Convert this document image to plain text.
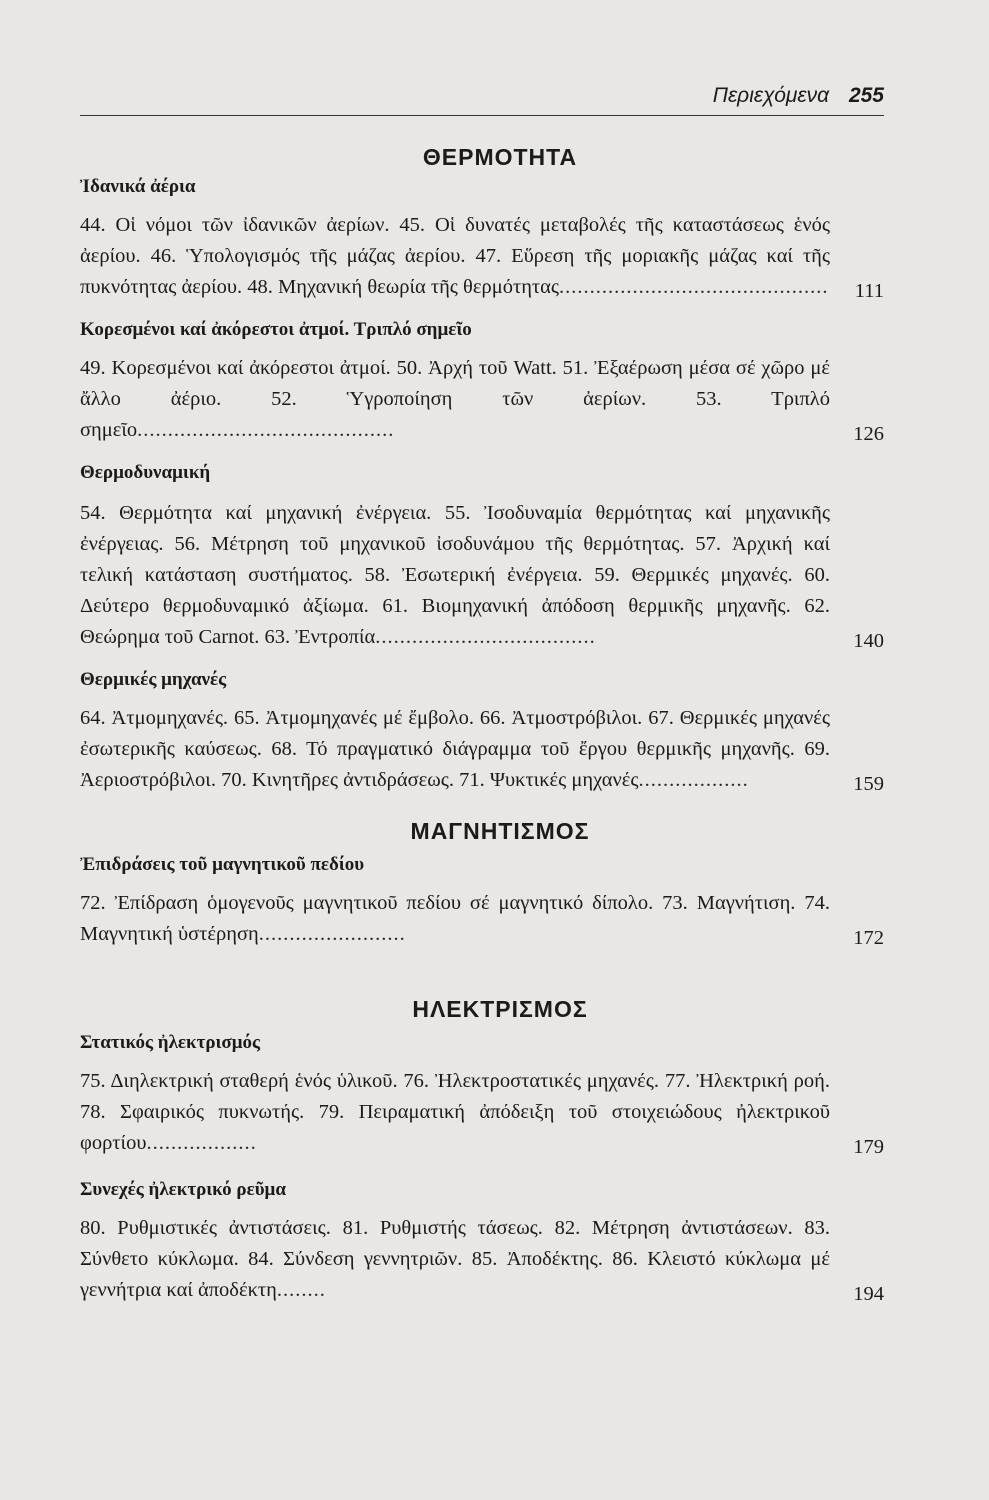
Περιεχόμενα 255
ΘΕΡΜΟΤΗΤΑ
Ἰδανικά ἀέρια

44. Οἱ νόμοι τῶν ἰδανικῶν ἀερίων. 45. Οἱ δυνατές μεταβολές τῆς καταστάσεως ἑνός ἀερίου. 46. Ὑπολογισμός τῆς μάζας ἀερίου. 47. Εὕρεση τῆς μοριακῆς μάζας καί τῆς πυκνότητας ἀερίου. 48. Μηχανική θεωρία τῆς θερμότητας............................................ 111

Κορεσμένοι καί ἀκόρεστοι ἀτμοί. Τριπλό σημεῖο

49. Κορεσμένοι καί ἀκόρεστοι ἀτμοί. 50. Ἀρχή τοῦ Watt. 51. Ἐξαέρωση μέσα σέ χῶρο μέ ἄλλο ἀέριο. 52. Ὑγροποίηση τῶν ἀερίων. 53. Τριπλό σημεῖο..........................................	126

Θερμοδυναμική

54. Θερμότητα καί μηχανική ἐνέργεια. 55. Ἰσοδυναμία θερμότητας καί μηχανικῆς ἐνέργειας. 56. Μέτρηση τοῦ μηχανικοῦ ἰσοδυνάμου τῆς θερμότητας. 57. Ἀρχική καί τελική κατάσταση συστήματος. 58. Ἐσωτερική ἐνέργεια. 59. Θερμικές μηχανές. 60. Δεύτερο θερμοδυναμικό ἀξίωμα. 61. Βιομηχανική ἀπόδοση θερμικῆς μηχανῆς. 62. Θεώρημα τοῦ Carnot. 63. Ἐντροπία....................................	140

Θερμικές μηχανές

64. Ἀτμομηχανές. 65. Ἀτμομηχανές μέ ἔμβολο. 66. Ἀτμοστρόβιλοι. 67. Θερμικές μηχανές ἐσωτερικῆς καύσεως. 68. Τό πραγματικό διάγραμμα τοῦ ἔργου θερμικῆς μηχανῆς. 69. Ἀεριοστρόβιλοι. 70. Κινητῆρες ἀντιδράσεως. 71. Ψυκτικές μηχανές..................	159

ΜΑΓΝΗΤΙΣΜΟΣ
Ἐπιδράσεις τοῦ μαγνητικοῦ πεδίου

72. Ἐπίδραση ὁμογενοῦς μαγνητικοῦ πεδίου σέ μαγνητικό δίπολο. 73. Μαγνήτιση. 74. Μαγνητική ὑστέρηση........................	172

ΗΛΕΚΤΡΙΣΜΟΣ
Στατικός ἠλεκτρισμός

75. Διηλεκτρική σταθερή ἑνός ὑλικοῦ. 76. Ἠλεκτροστατικές μηχανές. 77. Ἠλεκτρική ροή. 78. Σφαιρικός πυκνωτής. 79. Πειραματική ἀπόδειξη τοῦ στοιχειώδους ἠλεκτρικοῦ φορτίου..................	179

Συνεχές ἠλεκτρικό ρεῦμα

80. Ρυθμιστικές ἀντιστάσεις. 81. Ρυθμιστής τάσεως. 82. Μέτρηση ἀντιστάσεων. 83. Σύνθετο κύκλωμα. 84. Σύνδεση γεννητριῶν. 85. Ἀποδέκτης. 86. Κλειστό κύκλωμα μέ γεννήτρια καί ἀποδέκτη........	194
